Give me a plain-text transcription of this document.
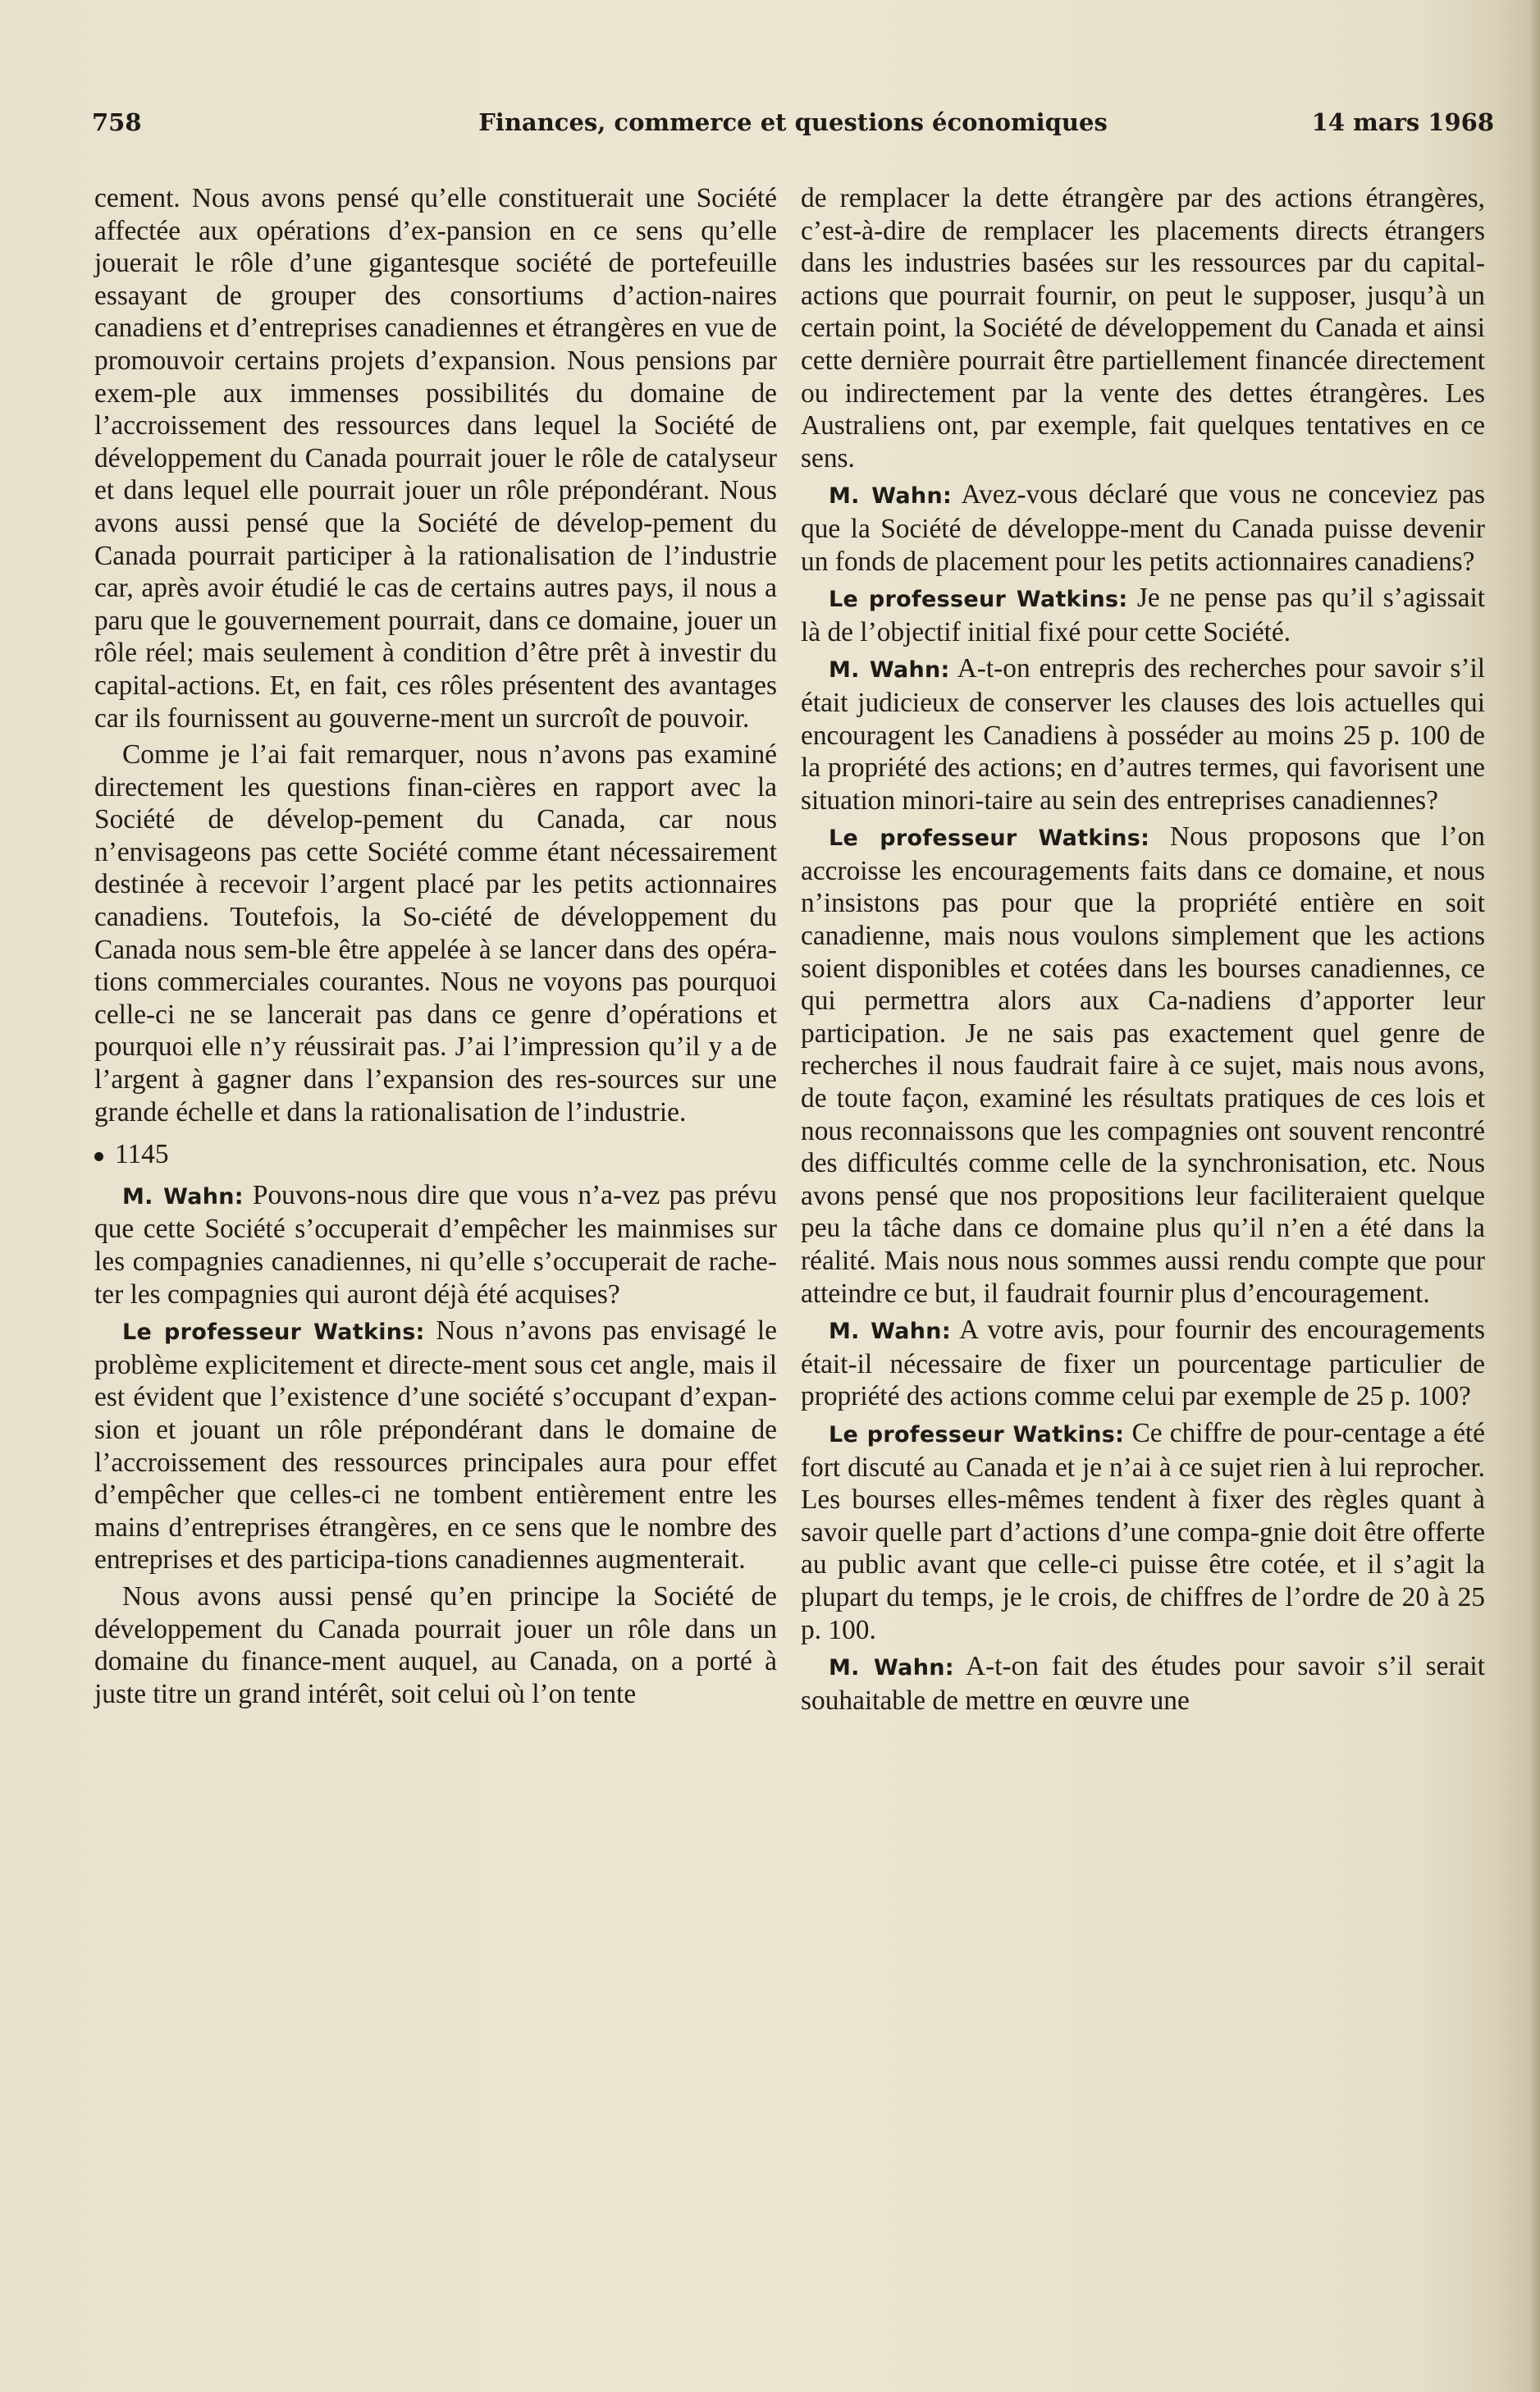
758	Finances, commerce et questions économiques	14 mars 1968

cement. Nous avons pensé qu’elle constituerait une Société affectée aux opérations d’ex-pansion en ce sens qu’elle jouerait le rôle d’une gigantesque société de portefeuille essayant de grouper des consortiums d’action-naires canadiens et d’entreprises canadiennes et étrangères en vue de promouvoir certains projets d’expansion. Nous pensions par exem-ple aux immenses possibilités du domaine de l’accroissement des ressources dans lequel la Société de développement du Canada pourrait jouer le rôle de catalyseur et dans lequel elle pourrait jouer un rôle prépondérant. Nous avons aussi pensé que la Société de dévelop-pement du Canada pourrait participer à la rationalisation de l’industrie car, après avoir étudié le cas de certains autres pays, il nous a paru que le gouvernement pourrait, dans ce domaine, jouer un rôle réel; mais seulement à condition d’être prêt à investir du capital-actions. Et, en fait, ces rôles présentent des avantages car ils fournissent au gouverne-ment un surcroît de pouvoir.

Comme je l’ai fait remarquer, nous n’avons pas examiné directement les questions finan-cières en rapport avec la Société de dévelop-pement du Canada, car nous n’envisageons pas cette Société comme étant nécessairement destinée à recevoir l’argent placé par les petits actionnaires canadiens. Toutefois, la So-ciété de développement du Canada nous sem-ble être appelée à se lancer dans des opéra-tions commerciales courantes. Nous ne voyons pas pourquoi celle-ci ne se lancerait pas dans ce genre d’opérations et pourquoi elle n’y réussirait pas. J’ai l’impression qu’il y a de l’argent à gagner dans l’expansion des res-sources sur une grande échelle et dans la rationalisation de l’industrie.

1145

M. Wahn: Pouvons-nous dire que vous n’a-vez pas prévu que cette Société s’occuperait d’empêcher les mainmises sur les compagnies canadiennes, ni qu’elle s’occuperait de rache-ter les compagnies qui auront déjà été acquises?

Le professeur Watkins: Nous n’avons pas envisagé le problème explicitement et directe-ment sous cet angle, mais il est évident que l’existence d’une société s’occupant d’expan-sion et jouant un rôle prépondérant dans le domaine de l’accroissement des ressources principales aura pour effet d’empêcher que celles-ci ne tombent entièrement entre les mains d’entreprises étrangères, en ce sens que le nombre des entreprises et des participa-tions canadiennes augmenterait.

Nous avons aussi pensé qu’en principe la Société de développement du Canada pourrait jouer un rôle dans un domaine du finance-ment auquel, au Canada, on a porté à juste titre un grand intérêt, soit celui où l’on tente

de remplacer la dette étrangère par des actions étrangères, c’est-à-dire de remplacer les placements directs étrangers dans les industries basées sur les ressources par du capital-actions que pourrait fournir, on peut le supposer, jusqu’à un certain point, la Société de développement du Canada et ainsi cette dernière pourrait être partiellement financée directement ou indirectement par la vente des dettes étrangères. Les Australiens ont, par exemple, fait quelques tentatives en ce sens.

M. Wahn: Avez-vous déclaré que vous ne conceviez pas que la Société de développe-ment du Canada puisse devenir un fonds de placement pour les petits actionnaires canadiens?

Le professeur Watkins: Je ne pense pas qu’il s’agissait là de l’objectif initial fixé pour cette Société.

M. Wahn: A-t-on entrepris des recherches pour savoir s’il était judicieux de conserver les clauses des lois actuelles qui encouragent les Canadiens à posséder au moins 25 p. 100 de la propriété des actions; en d’autres termes, qui favorisent une situation minori-taire au sein des entreprises canadiennes?

Le professeur Watkins: Nous proposons que l’on accroisse les encouragements faits dans ce domaine, et nous n’insistons pas pour que la propriété entière en soit canadienne, mais nous voulons simplement que les actions soient disponibles et cotées dans les bourses canadiennes, ce qui permettra alors aux Ca-nadiens d’apporter leur participation. Je ne sais pas exactement quel genre de recherches il nous faudrait faire à ce sujet, mais nous avons, de toute façon, examiné les résultats pratiques de ces lois et nous reconnaissons que les compagnies ont souvent rencontré des difficultés comme celle de la synchronisation, etc. Nous avons pensé que nos propositions leur faciliteraient quelque peu la tâche dans ce domaine plus qu’il n’en a été dans la réalité. Mais nous nous sommes aussi rendu compte que pour atteindre ce but, il faudrait fournir plus d’encouragement.

M. Wahn: A votre avis, pour fournir des encouragements était-il nécessaire de fixer un pourcentage particulier de propriété des actions comme celui par exemple de 25 p. 100?

Le professeur Watkins: Ce chiffre de pour-centage a été fort discuté au Canada et je n’ai à ce sujet rien à lui reprocher. Les bourses elles-mêmes tendent à fixer des règles quant à savoir quelle part d’actions d’une compa-gnie doit être offerte au public avant que celle-ci puisse être cotée, et il s’agit la plupart du temps, je le crois, de chiffres de l’ordre de 20 à 25 p. 100.

M. Wahn: A-t-on fait des études pour savoir s’il serait souhaitable de mettre en œuvre une
